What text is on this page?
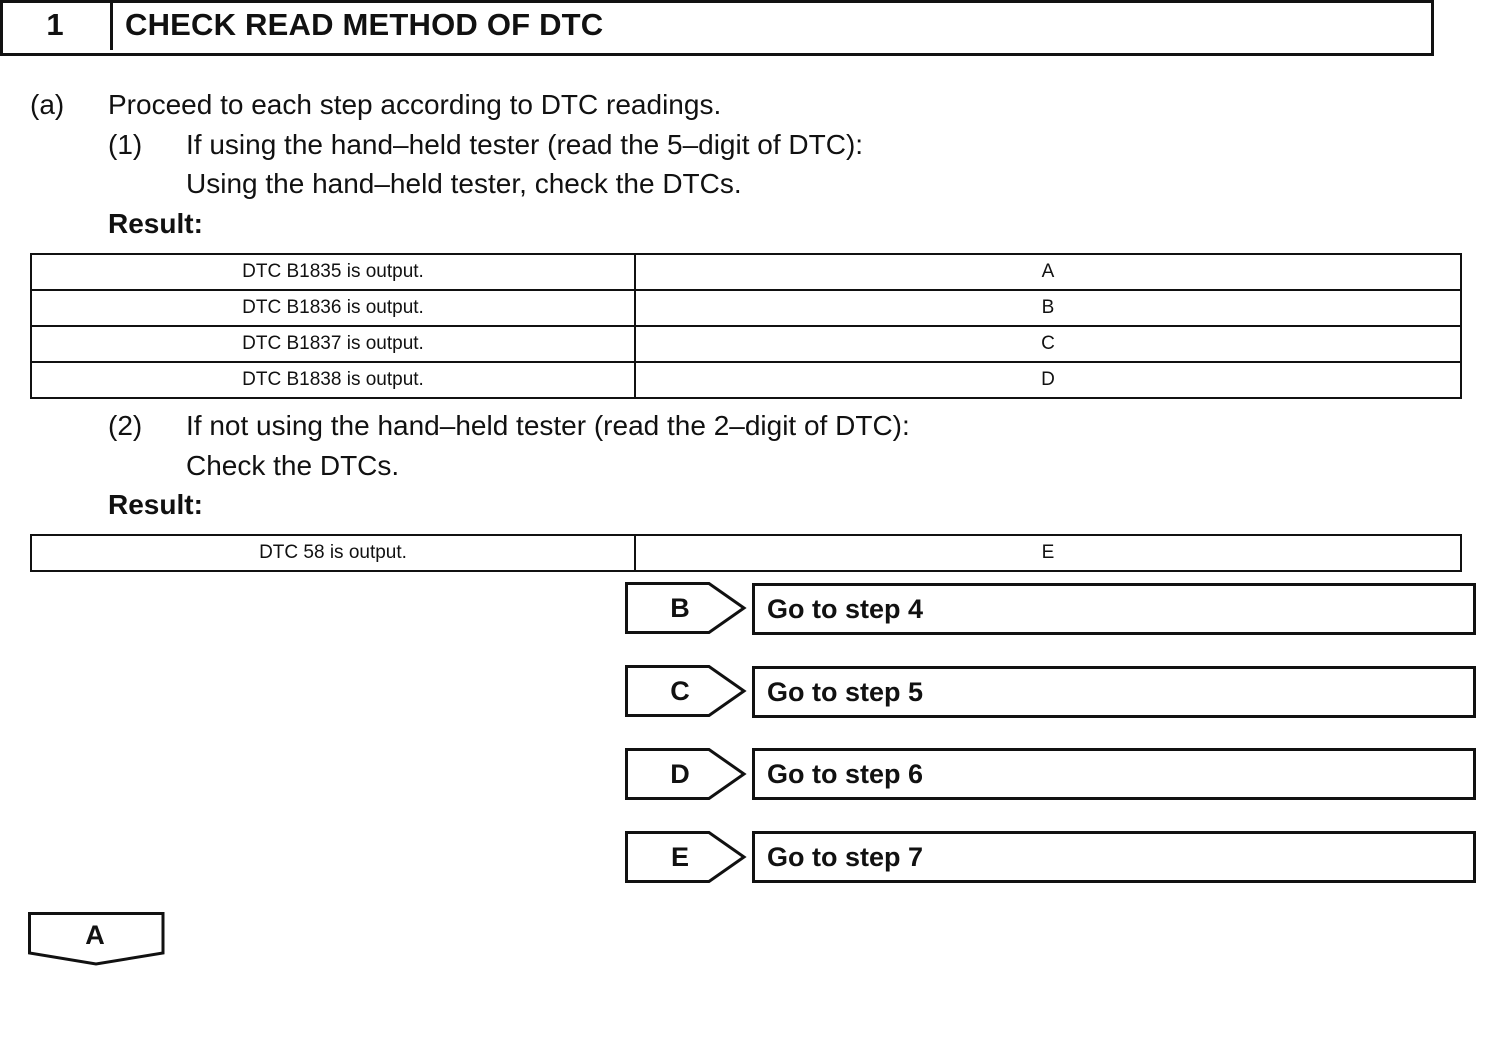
1	CHECK READ METHOD OF DTC
(a) Proceed to each step according to DTC readings.
(1) If using the hand–held tester (read the 5–digit of DTC):
Using the hand–held tester, check the DTCs.
Result:
DTC B1835 is output.	A
DTC B1836 is output.	B
DTC B1837 is output.	C
DTC B1838 is output.	D
(2) If not using the hand–held tester (read the 2–digit of DTC):
Check the DTCs.
Result:
DTC 58 is output.	E
B	Go to step 4
C	Go to step 5
D	Go to step 6
E	Go to step 7
A
